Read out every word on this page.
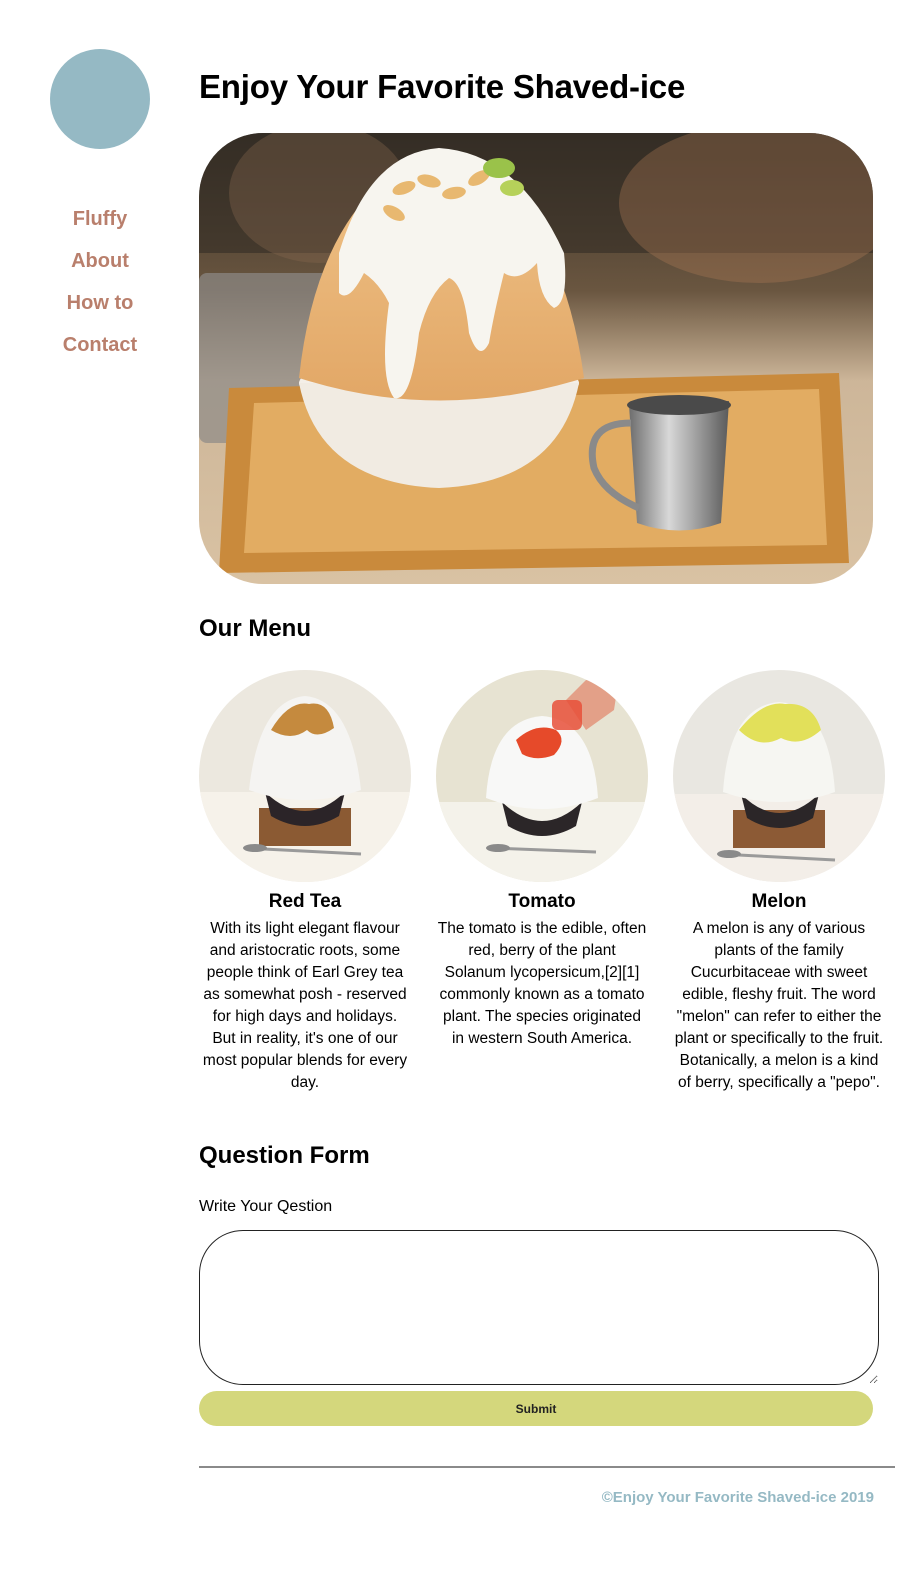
Fluffy
About
How to
Contact
Enjoy Your Favorite Shaved-ice
Our Menu
Red Tea

With its light elegant flavour and aristocratic roots, some people think of Earl Grey tea as somewhat posh - reserved for high days and holidays. But in reality, it's one of our most popular blends for every day.

Tomato

The tomato is the edible, often red, berry of the plant Solanum lycopersicum,[2][1] commonly known as a tomato plant. The species originated in western South America.

Melon

A melon is any of various plants of the family Cucurbitaceae with sweet edible, fleshy fruit. The word "melon" can refer to either the plant or specifically to the fruit. Botanically, a melon is a kind of berry, specifically a "pepo".

Question Form
Write Your Qestion
Submit
©Enjoy Your Favorite Shaved-ice 2019
